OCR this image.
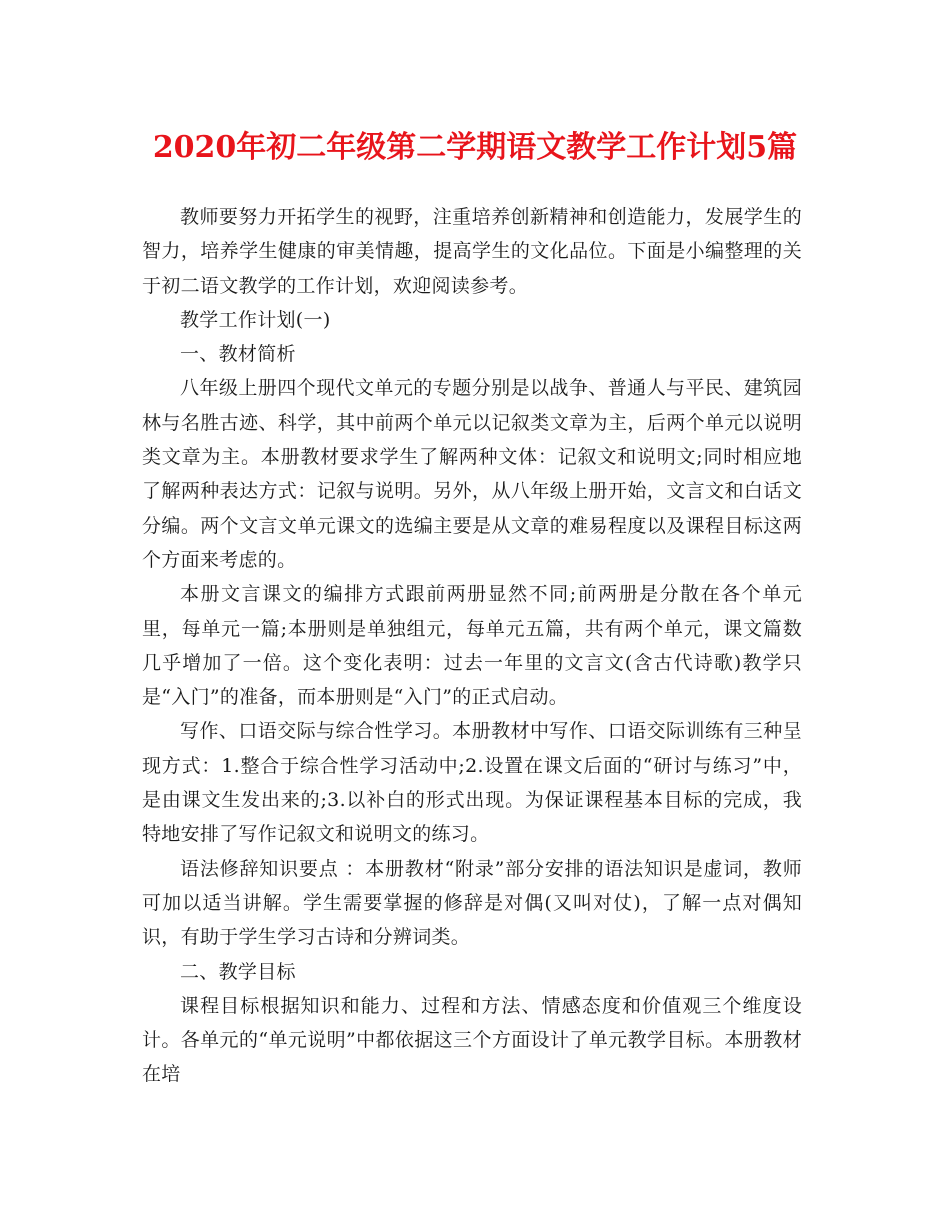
2020年初二年级第二学期语文教学工作计划5篇

教师要努力开拓学生的视野，注重培养创新精神和创造能力，发展学生的智力，培养学生健康的审美情趣，提高学生的文化品位。下面是小编整理的关于初二语文教学的工作计划，欢迎阅读参考。

教学工作计划(一)

一、教材简析

八年级上册四个现代文单元的专题分别是以战争、普通人与平民、建筑园林与名胜古迹、科学，其中前两个单元以记叙类文章为主，后两个单元以说明类文章为主。本册教材要求学生了解两种文体：记叙文和说明文;同时相应地了解两种表达方式：记叙与说明。另外，从八年级上册开始，文言文和白话文分编。两个文言文单元课文的选编主要是从文章的难易程度以及课程目标这两个方面来考虑的。

本册文言课文的编排方式跟前两册显然不同;前两册是分散在各个单元里，每单元一篇;本册则是单独组元，每单元五篇，共有两个单元，课文篇数几乎增加了一倍。这个变化表明：过去一年里的文言文(含古代诗歌)教学只是“入门”的准备，而本册则是“入门”的正式启动。

写作、口语交际与综合性学习。本册教材中写作、口语交际训练有三种呈现方式：1.整合于综合性学习活动中;2.设置在课文后面的“研讨与练习”中，是由课文生发出来的;3.以补白的形式出现。为保证课程基本目标的完成，我特地安排了写作记叙文和说明文的练习。

语法修辞知识要点 ：本册教材“附录”部分安排的语法知识是虚词，教师可加以适当讲解。学生需要掌握的修辞是对偶(又叫对仗)，了解一点对偶知识，有助于学生学习古诗和分辨词类。

二、教学目标

课程目标根据知识和能力、过程和方法、情感态度和价值观三个维度设计。各单元的“单元说明”中都依据这三个方面设计了单元教学目标。本册教材在培
